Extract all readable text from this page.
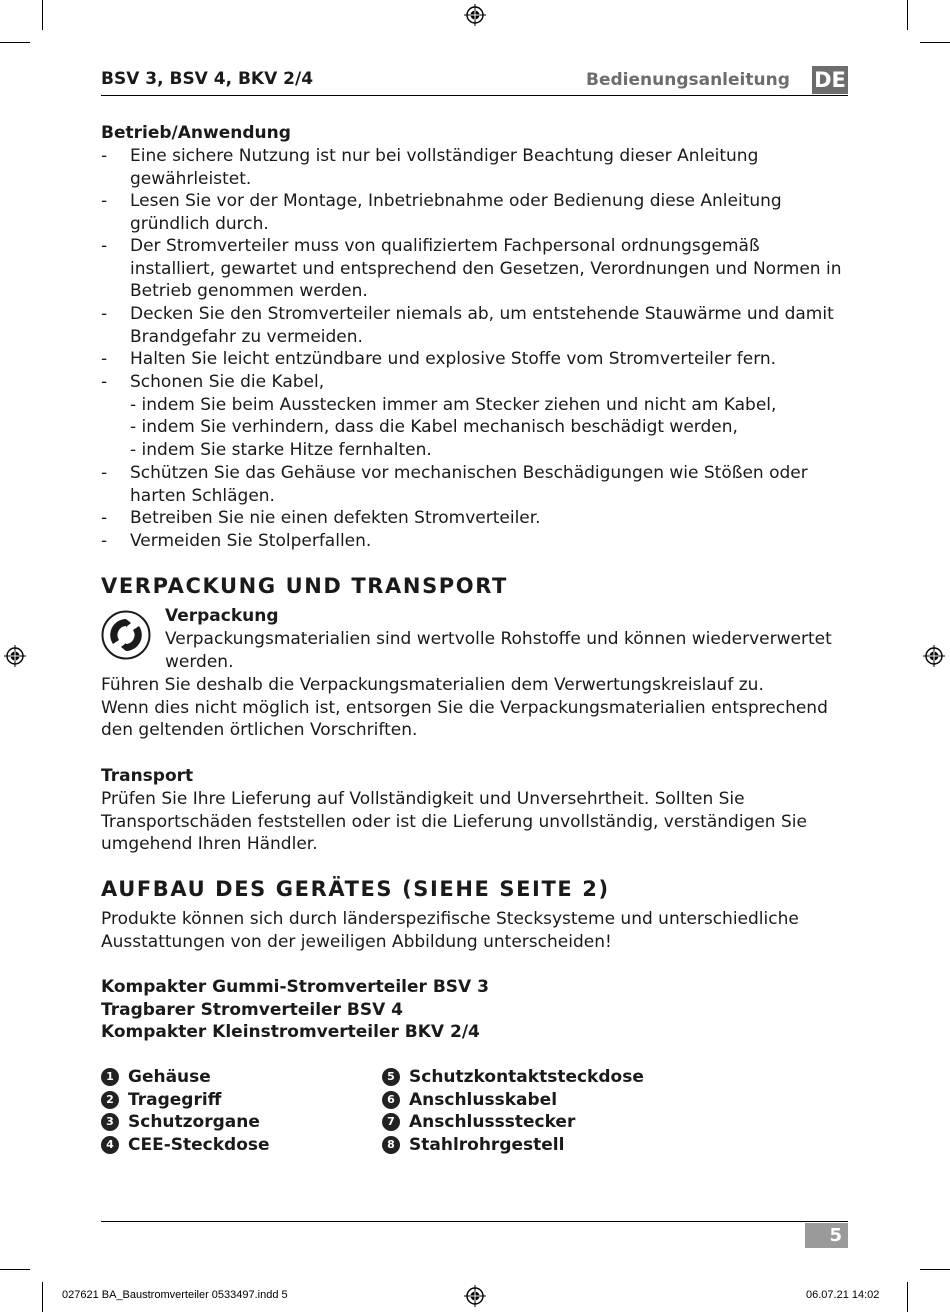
BSV 3, BSV 4, BKV 2/4	Bedienungsanleitung DE
Betrieb/Anwendung
- Eine sichere Nutzung ist nur bei vollständiger Beachtung dieser Anleitung
gewährleistet.
- Lesen Sie vor der Montage, Inbetriebnahme oder Bedienung diese Anleitung
gründlich durch.
- Der Stromverteiler muss von qualifiziertem Fachpersonal ordnungsgemäß
installiert, gewartet und entsprechend den Gesetzen, Verordnungen und Normen in
Betrieb genommen werden.
- Decken Sie den Stromverteiler niemals ab, um entstehende Stauwärme und damit
Brandgefahr zu vermeiden.
- Halten Sie leicht entzündbare und explosive Stoffe vom Stromverteiler fern.
- Schonen Sie die Kabel,
- indem Sie beim Ausstecken immer am Stecker ziehen und nicht am Kabel,
- indem Sie verhindern, dass die Kabel mechanisch beschädigt werden,
- indem Sie starke Hitze fernhalten.
- Schützen Sie das Gehäuse vor mechanischen Beschädigungen wie Stößen oder
harten Schlägen.
- Betreiben Sie nie einen defekten Stromverteiler.
- Vermeiden Sie Stolperfallen.
VERPACKUNG UND TRANSPORT
Verpackung
Verpackungsmaterialien sind wertvolle Rohstoffe und können wiederverwertet
werden.
Führen Sie deshalb die Verpackungsmaterialien dem Verwertungskreislauf zu.
Wenn dies nicht möglich ist, entsorgen Sie die Verpackungsmaterialien entsprechend
den geltenden örtlichen Vorschriften.
Transport
Prüfen Sie Ihre Lieferung auf Vollständigkeit und Unversehrtheit. Sollten Sie
Transportschäden feststellen oder ist die Lieferung unvollständig, verständigen Sie
umgehend Ihren Händler.
AUFBAU DES GERÄTES (SIEHE SEITE 2)
Produkte können sich durch länderspezifische Stecksysteme und unterschiedliche
Ausstattungen von der jeweiligen Abbildung unterscheiden!
Kompakter Gummi-Stromverteiler BSV 3
Tragbarer Stromverteiler BSV 4
Kompakter Kleinstromverteiler BKV 2/4
1 Gehäuse
2 Tragegriff
3 Schutzorgane
4 CEE-Steckdose
5 Schutzkontaktsteckdose
6 Anschlusskabel
7 Anschlussstecker
8 Stahlrohrgestell
5
027621 BA_Baustromverteiler 0533497.indd 5	06.07.21 14:02
